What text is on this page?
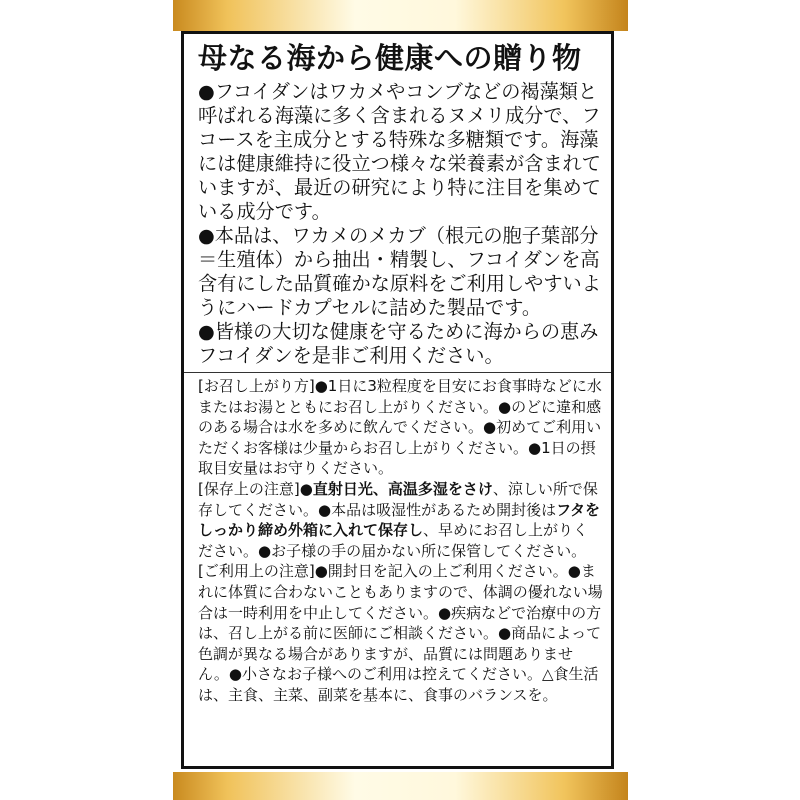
母なる海から健康への贈り物

●フコイダンはワカメやコンブなどの褐藻類と呼ばれる海藻に多く含まれるヌメリ成分で、フコースを主成分とする特殊な多糖類です。海藻には健康維持に役立つ様々な栄養素が含まれていますが、最近の研究により特に注目を集めている成分です。

●本品は、ワカメのメカブ（根元の胞子葉部分＝生殖体）から抽出・精製し、フコイダンを高含有にした品質確かな原料をご利用しやすいようにハードカプセルに詰めた製品です。

●皆様の大切な健康を守るために海からの恵みフコイダンを是非ご利用ください。

[お召し上がり方]●1日に3粒程度を目安にお食事時などに水またはお湯とともにお召し上がりください。●のどに違和感のある場合は水を多めに飲んでください。●初めてご利用いただくお客様は少量からお召し上がりください。●1日の摂取目安量はお守りください。

[保存上の注意]●直射日光、高温多湿をさけ、涼しい所で保存してください。●本品は吸湿性があるため開封後はフタをしっかり締め外箱に入れて保存し、早めにお召し上がりください。●お子様の手の届かない所に保管してください。

[ご利用上の注意]●開封日を記入の上ご利用ください。●まれに体質に合わないこともありますので、体調の優れない場合は一時利用を中止してください。●疾病などで治療中の方は、召し上がる前に医師にご相談ください。●商品によって色調が異なる場合がありますが、品質には問題ありません。●小さなお子様へのご利用は控えてください。△食生活は、主食、主菜、副菜を基本に、食事のバランスを。
